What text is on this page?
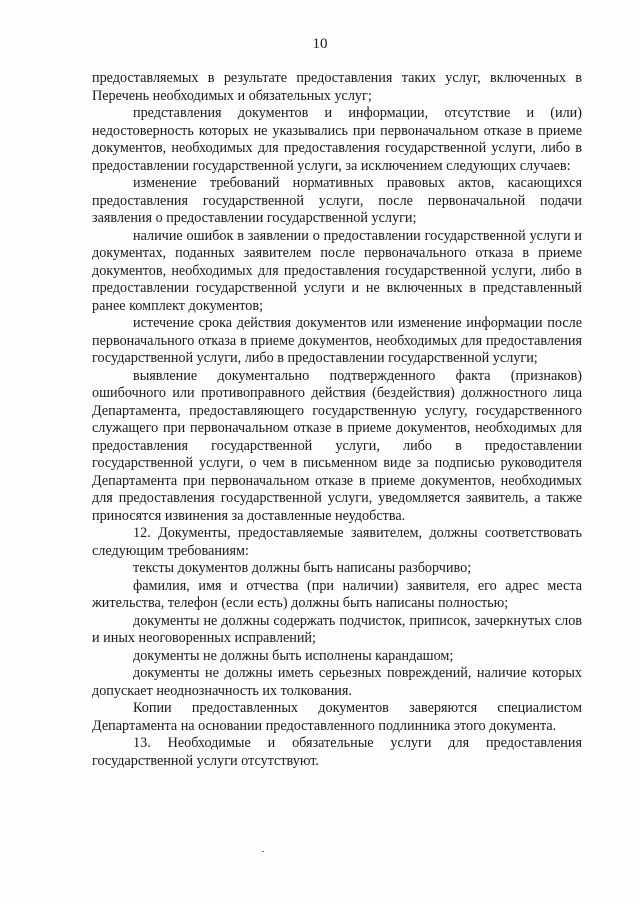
10

предоставляемых в результате предоставления таких услуг, включенных в Перечень необходимых и обязательных услуг;

представления документов и информации, отсутствие и (или) недостоверность которых не указывались при первоначальном отказе в приеме документов, необходимых для предоставления государственной услуги, либо в предоставлении государственной услуги, за исключением следующих случаев:

изменение требований нормативных правовых актов, касающихся предоставления государственной услуги, после первоначальной подачи заявления о предоставлении государственной услуги;

наличие ошибок в заявлении о предоставлении государственной услуги и документах, поданных заявителем после первоначального отказа в приеме документов, необходимых для предоставления государственной услуги, либо в предоставлении государственной услуги и не включенных в представленный ранее комплект документов;

истечение срока действия документов или изменение информации после первоначального отказа в приеме документов, необходимых для предоставления государственной услуги, либо в предоставлении государственной услуги;

выявление документально подтвержденного факта (признаков) ошибочного или противоправного действия (бездействия) должностного лица Департамента, предоставляющего государственную услугу, государственного служащего при первоначальном отказе в приеме документов, необходимых для предоставления государственной услуги, либо в предоставлении государственной услуги, о чем в письменном виде за подписью руководителя Департамента при первоначальном отказе в приеме документов, необходимых для предоставления государственной услуги, уведомляется заявитель, а также приносятся извинения за доставленные неудобства.

12. Документы, предоставляемые заявителем, должны соответствовать следующим требованиям:

тексты документов должны быть написаны разборчиво;

фамилия, имя и отчества (при наличии) заявителя, его адрес места жительства, телефон (если есть) должны быть написаны полностью;

документы не должны содержать подчисток, приписок, зачеркнутых слов и иных неоговоренных исправлений;

документы не должны быть исполнены карандашом;

документы не должны иметь серьезных повреждений, наличие которых допускает неоднозначность их толкования.

Копии предоставленных документов заверяются специалистом Департамента на основании предоставленного подлинника этого документа.

13. Необходимые и обязательные услуги для предоставления государственной услуги отсутствуют.
